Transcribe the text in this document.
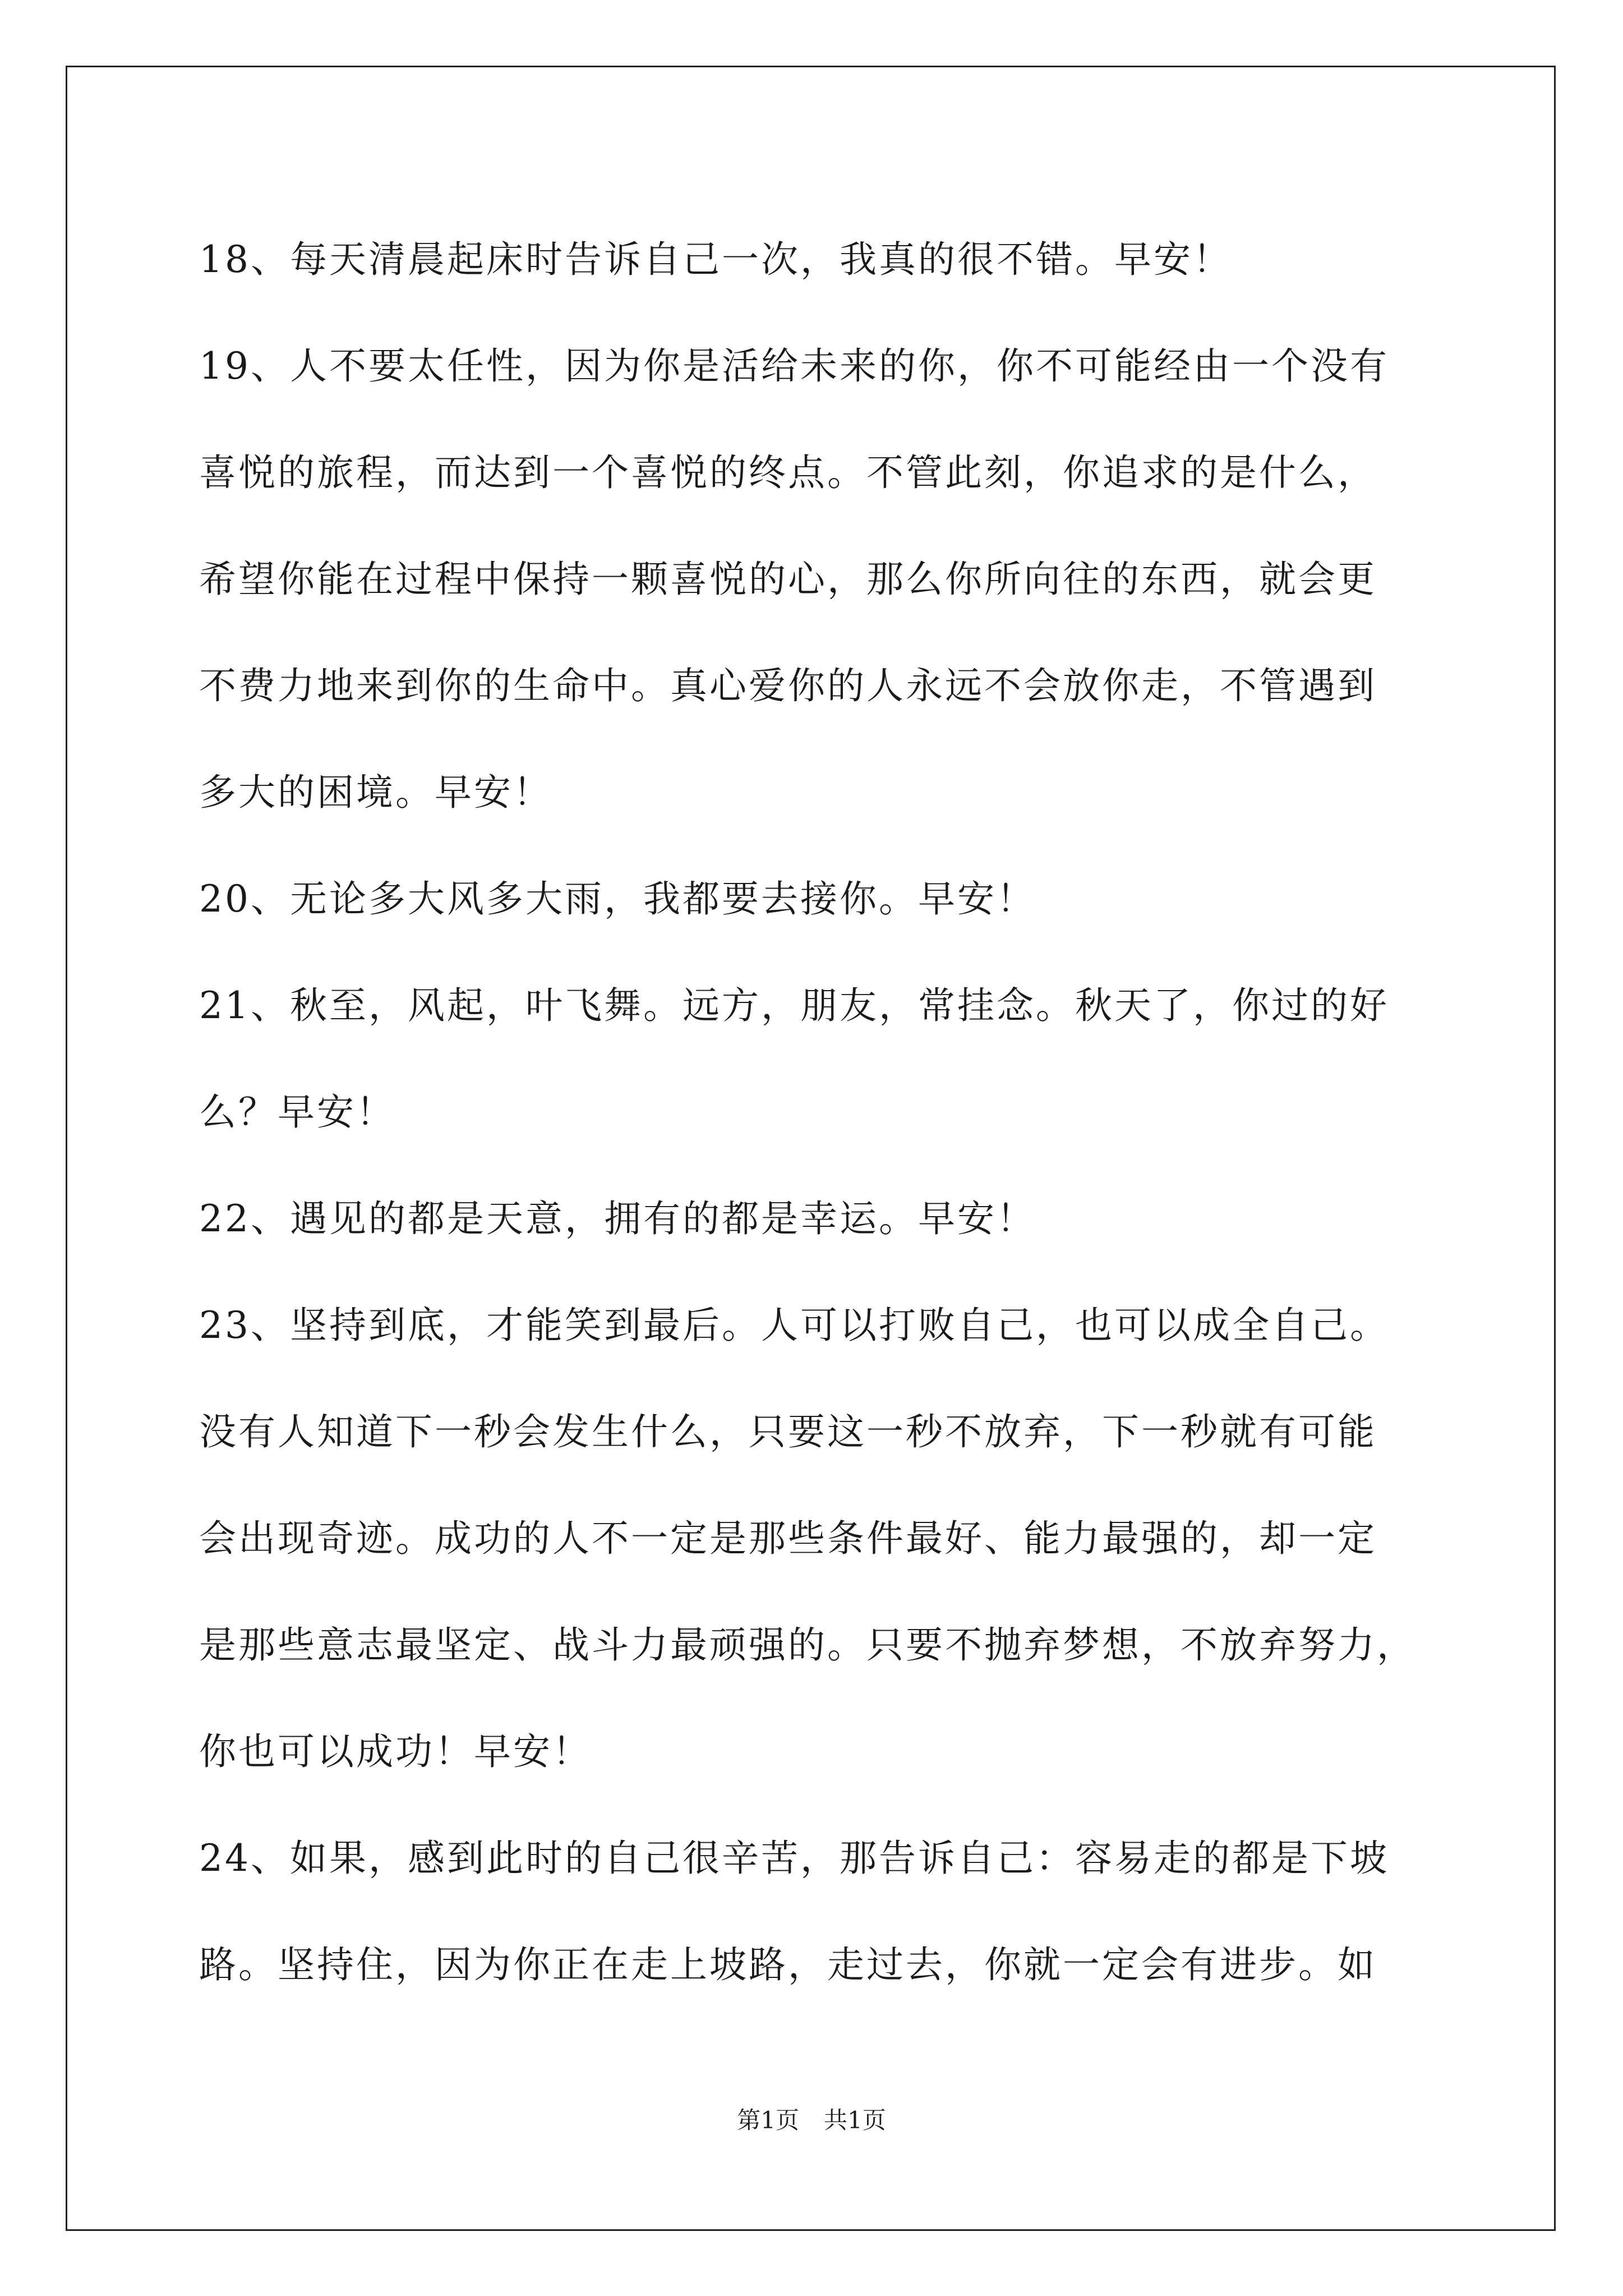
18、每天清晨起床时告诉自己一次，我真的很不错。早安！
19、人不要太任性，因为你是活给未来的你，你不可能经由一个没有
喜悦的旅程，而达到一个喜悦的终点。不管此刻，你追求的是什么，
希望你能在过程中保持一颗喜悦的心，那么你所向往的东西，就会更
不费力地来到你的生命中。真心爱你的人永远不会放你走，不管遇到
多大的困境。早安！
20、无论多大风多大雨，我都要去接你。早安！
21、秋至，风起，叶飞舞。远方，朋友，常挂念。秋天了，你过的好
么？早安！
22、遇见的都是天意，拥有的都是幸运。早安！
23、坚持到底，才能笑到最后。人可以打败自己，也可以成全自己。
没有人知道下一秒会发生什么，只要这一秒不放弃，下一秒就有可能
会出现奇迹。成功的人不一定是那些条件最好、能力最强的，却一定
是那些意志最坚定、战斗力最顽强的。只要不抛弃梦想，不放弃努力，
你也可以成功！早安！
24、如果，感到此时的自己很辛苦，那告诉自己：容易走的都是下坡
路。坚持住，因为你正在走上坡路，走过去，你就一定会有进步。如
第1页 共1页
